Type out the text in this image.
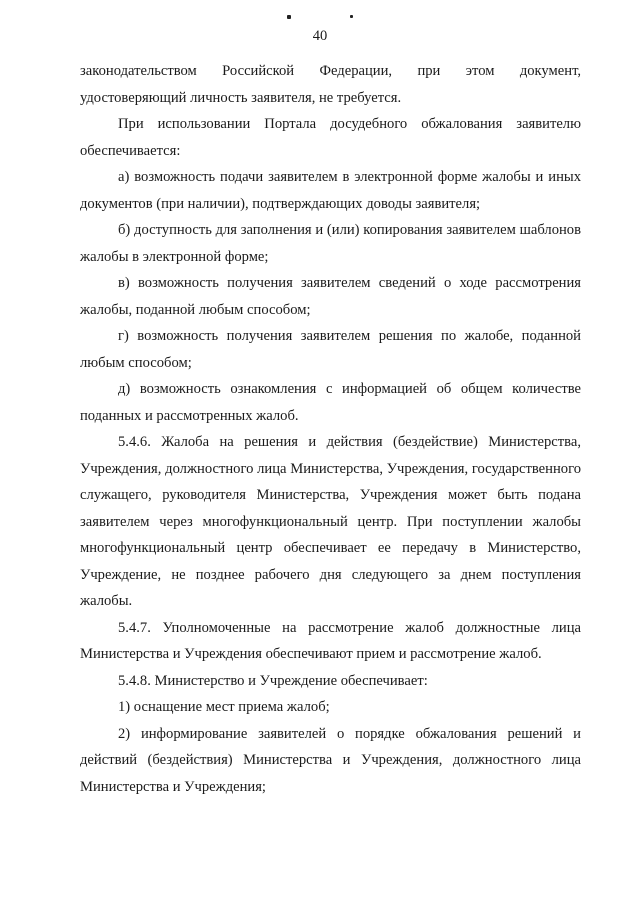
40

законодательством Российской Федерации, при этом документ, удостоверяющий личность заявителя, не требуется.

При использовании Портала досудебного обжалования заявителю обеспечивается:

а) возможность подачи заявителем в электронной форме жалобы и иных документов (при наличии), подтверждающих доводы заявителя;

б) доступность для заполнения и (или) копирования заявителем шаблонов жалобы в электронной форме;

в) возможность получения заявителем сведений о ходе рассмотрения жалобы, поданной любым способом;

г) возможность получения заявителем решения по жалобе, поданной любым способом;

д) возможность ознакомления с информацией об общем количестве поданных и рассмотренных жалоб.

5.4.6. Жалоба на решения и действия (бездействие) Министерства, Учреждения, должностного лица Министерства, Учреждения, государственного служащего, руководителя Министерства, Учреждения может быть подана заявителем через многофункциональный центр. При поступлении жалобы многофункциональный центр обеспечивает ее передачу в Министерство, Учреждение, не позднее рабочего дня следующего за днем поступления жалобы.

5.4.7. Уполномоченные на рассмотрение жалоб должностные лица Министерства и Учреждения обеспечивают прием и рассмотрение жалоб.

5.4.8. Министерство и Учреждение обеспечивает:

1) оснащение мест приема жалоб;

2) информирование заявителей о порядке обжалования решений и действий (бездействия) Министерства и Учреждения, должностного лица Министерства и Учреждения;
